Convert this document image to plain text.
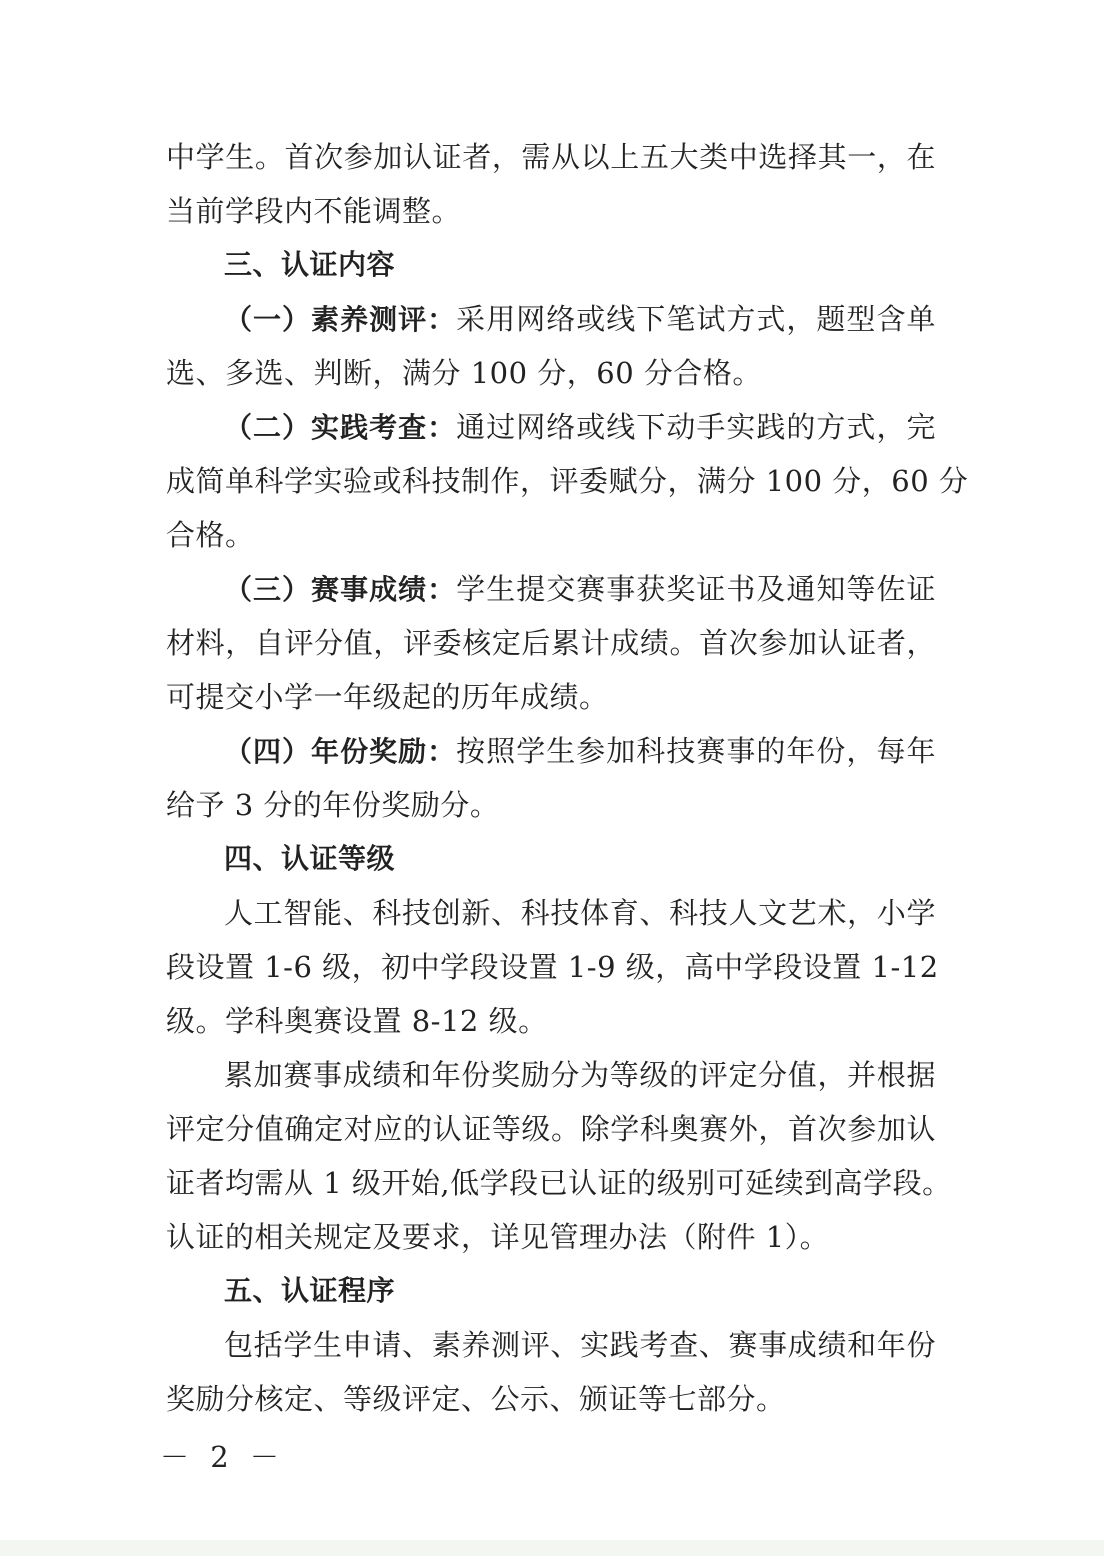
中学生。首次参加认证者，需从以上五大类中选择其一，在
当前学段内不能调整。
三、认证内容
（一）素养测评：采用网络或线下笔试方式，题型含单
选、多选、判断，满分 100 分，60 分合格。
（二）实践考查：通过网络或线下动手实践的方式，完
成简单科学实验或科技制作，评委赋分，满分 100 分，60 分
合格。
（三）赛事成绩：学生提交赛事获奖证书及通知等佐证
材料，自评分值，评委核定后累计成绩。首次参加认证者，
可提交小学一年级起的历年成绩。
（四）年份奖励：按照学生参加科技赛事的年份，每年
给予 3 分的年份奖励分。
四、认证等级
人工智能、科技创新、科技体育、科技人文艺术，小学
段设置 1-6 级，初中学段设置 1-9 级，高中学段设置 1-12
级。学科奥赛设置 8-12 级。
累加赛事成绩和年份奖励分为等级的评定分值，并根据
评定分值确定对应的认证等级。除学科奥赛外，首次参加认
证者均需从 1 级开始,低学段已认证的级别可延续到高学段。
认证的相关规定及要求，详见管理办法（附件 1）。
五、认证程序
包括学生申请、素养测评、实践考查、赛事成绩和年份
奖励分核定、等级评定、公示、颁证等七部分。
－ 2 －
